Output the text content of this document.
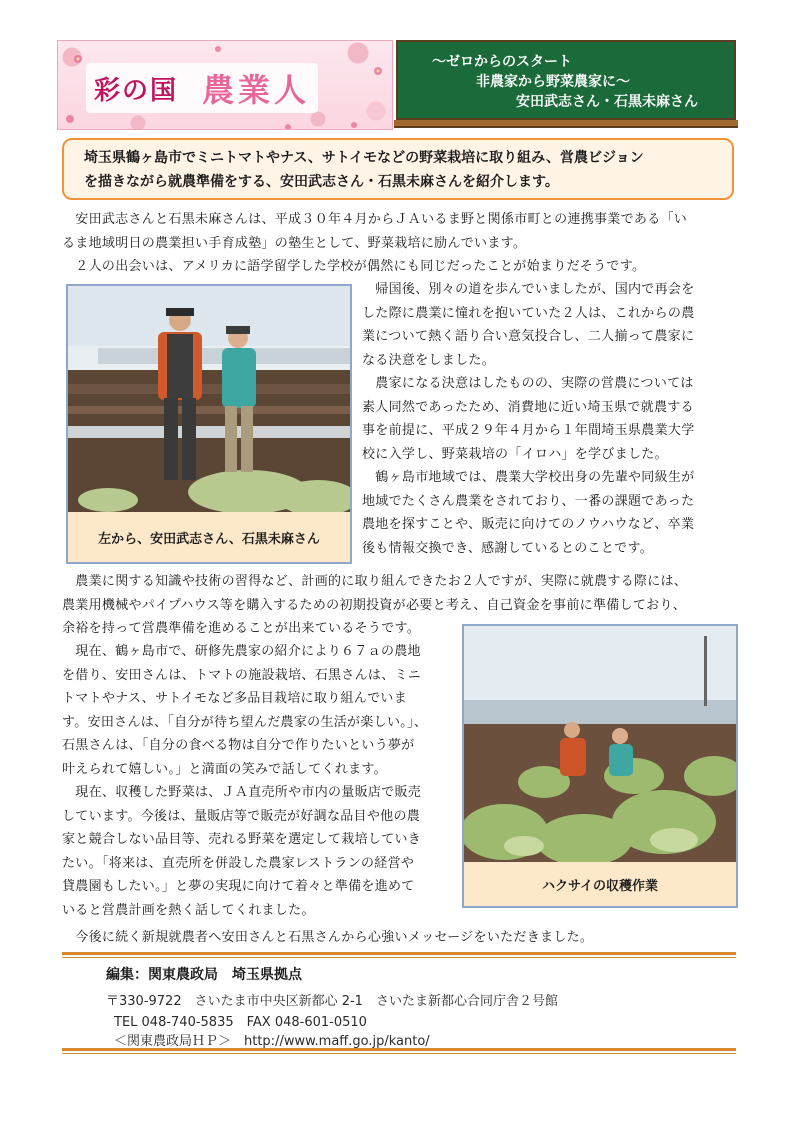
彩の国 農業人
～ゼロからのスタート
非農家から野菜農家に～
安田武志さん・石黒未麻さん
埼玉県鶴ヶ島市でミニトマトやナス、サトイモなどの野菜栽培に取り組み、営農ビジョン
を描きながら就農準備をする、安田武志さん・石黒未麻さんを紹介します。
　安田武志さんと石黒未麻さんは、平成３０年４月からＪＡいるま野と関係市町との連携事業である「い
るま地域明日の農業担い手育成塾」の塾生として、野菜栽培に励んでいます。
　２人の出会いは、アメリカに語学留学した学校が偶然にも同じだったことが始まりだそうです。
左から、安田武志さん、石黒未麻さん
　帰国後、別々の道を歩んでいましたが、国内で再会を
した際に農業に憧れを抱いていた２人は、これからの農
業について熱く語り合い意気投合し、二人揃って農家に
なる決意をしました。
　農家になる決意はしたものの、実際の営農については
素人同然であったため、消費地に近い埼玉県で就農する
事を前提に、平成２９年４月から１年間埼玉県農業大学
校に入学し、野菜栽培の「イロハ」を学びました。
　鶴ヶ島市地域では、農業大学校出身の先輩や同級生が
地域でたくさん農業をされており、一番の課題であった
農地を探すことや、販売に向けてのノウハウなど、卒業
後も情報交換でき、感謝しているとのことです。
　農業に関する知識や技術の習得など、計画的に取り組んできたお２人ですが、実際に就農する際には、
農業用機械やパイプハウス等を購入するための初期投資が必要と考え、自己資金を事前に準備しており、
余裕を持って営農準備を進めることが出来ているそうです。
　現在、鶴ヶ島市で、研修先農家の紹介により６７ａの農地
を借り、安田さんは、トマトの施設栽培、石黒さんは、ミニ
トマトやナス、サトイモなど多品目栽培に取り組んでいま
す。安田さんは、「自分が待ち望んだ農家の生活が楽しい。」、
石黒さんは、「自分の食べる物は自分で作りたいという夢が
叶えられて嬉しい。」と満面の笑みで話してくれます。
　現在、収穫した野菜は、ＪＡ直売所や市内の量販店で販売
しています。今後は、量販店等で販売が好調な品目や他の農
家と競合しない品目等、売れる野菜を選定して栽培していき
たい。「将来は、直売所を併設した農家レストランの経営や
貸農園もしたい。」と夢の実現に向けて着々と準備を進めて
いると営農計画を熱く話してくれました。
ハクサイの収穫作業
　今後に続く新規就農者へ安田さんと石黒さんから心強いメッセージをいただきました。
編集：関東農政局　埼玉県拠点
〒330-9722　さいたま市中央区新都心 2-1　さいたま新都心合同庁舎２号館
TEL 048-740-5835　FAX 048-601-0510
＜関東農政局ＨＰ＞　http://www.maff.go.jp/kanto/
